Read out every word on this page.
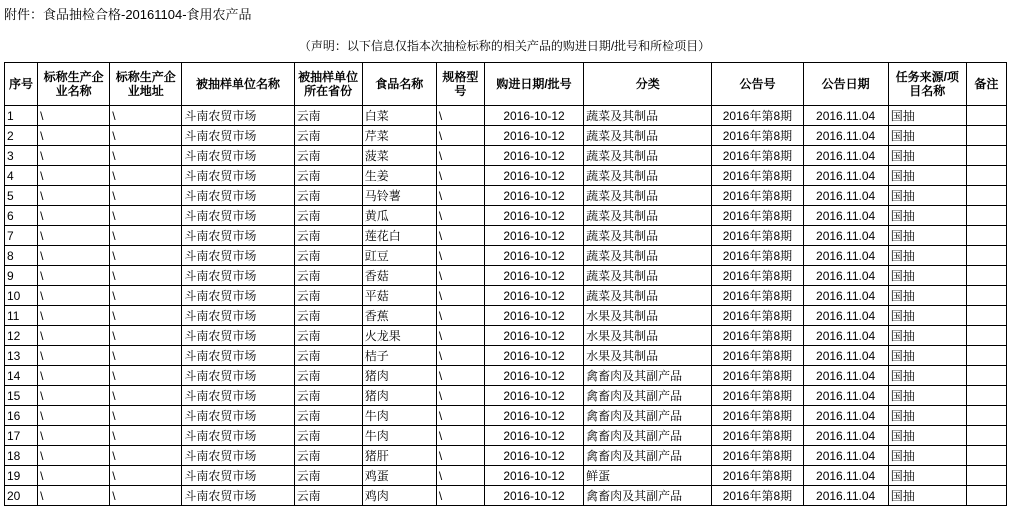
附件：食品抽检合格-20161104-食用农产品
（声明：以下信息仅指本次抽检标称的相关产品的购进日期/批号和所检项目）
序号	标称生产企业名称	标称生产企业地址	被抽样单位名称	被抽样单位所在省份	食品名称	规格型号	购进日期/批号	分类	公告号	公告日期	任务来源/项目名称	备注
1	\	\	斗南农贸市场	云南	白菜	\	2016-10-12	蔬菜及其制品	2016年第8期	2016.11.04	国抽	
2	\	\	斗南农贸市场	云南	芹菜	\	2016-10-12	蔬菜及其制品	2016年第8期	2016.11.04	国抽	
3	\	\	斗南农贸市场	云南	菠菜	\	2016-10-12	蔬菜及其制品	2016年第8期	2016.11.04	国抽	
4	\	\	斗南农贸市场	云南	生姜	\	2016-10-12	蔬菜及其制品	2016年第8期	2016.11.04	国抽	
5	\	\	斗南农贸市场	云南	马铃薯	\	2016-10-12	蔬菜及其制品	2016年第8期	2016.11.04	国抽	
6	\	\	斗南农贸市场	云南	黄瓜	\	2016-10-12	蔬菜及其制品	2016年第8期	2016.11.04	国抽	
7	\	\	斗南农贸市场	云南	莲花白	\	2016-10-12	蔬菜及其制品	2016年第8期	2016.11.04	国抽	
8	\	\	斗南农贸市场	云南	豇豆	\	2016-10-12	蔬菜及其制品	2016年第8期	2016.11.04	国抽	
9	\	\	斗南农贸市场	云南	香菇	\	2016-10-12	蔬菜及其制品	2016年第8期	2016.11.04	国抽	
10	\	\	斗南农贸市场	云南	平菇	\	2016-10-12	蔬菜及其制品	2016年第8期	2016.11.04	国抽	
11	\	\	斗南农贸市场	云南	香蕉	\	2016-10-12	水果及其制品	2016年第8期	2016.11.04	国抽	
12	\	\	斗南农贸市场	云南	火龙果	\	2016-10-12	水果及其制品	2016年第8期	2016.11.04	国抽	
13	\	\	斗南农贸市场	云南	桔子	\	2016-10-12	水果及其制品	2016年第8期	2016.11.04	国抽	
14	\	\	斗南农贸市场	云南	猪肉	\	2016-10-12	禽畜肉及其副产品	2016年第8期	2016.11.04	国抽	
15	\	\	斗南农贸市场	云南	猪肉	\	2016-10-12	禽畜肉及其副产品	2016年第8期	2016.11.04	国抽	
16	\	\	斗南农贸市场	云南	牛肉	\	2016-10-12	禽畜肉及其副产品	2016年第8期	2016.11.04	国抽	
17	\	\	斗南农贸市场	云南	牛肉	\	2016-10-12	禽畜肉及其副产品	2016年第8期	2016.11.04	国抽	
18	\	\	斗南农贸市场	云南	猪肝	\	2016-10-12	禽畜肉及其副产品	2016年第8期	2016.11.04	国抽	
19	\	\	斗南农贸市场	云南	鸡蛋	\	2016-10-12	鲜蛋	2016年第8期	2016.11.04	国抽	
20	\	\	斗南农贸市场	云南	鸡肉	\	2016-10-12	禽畜肉及其副产品	2016年第8期	2016.11.04	国抽	
